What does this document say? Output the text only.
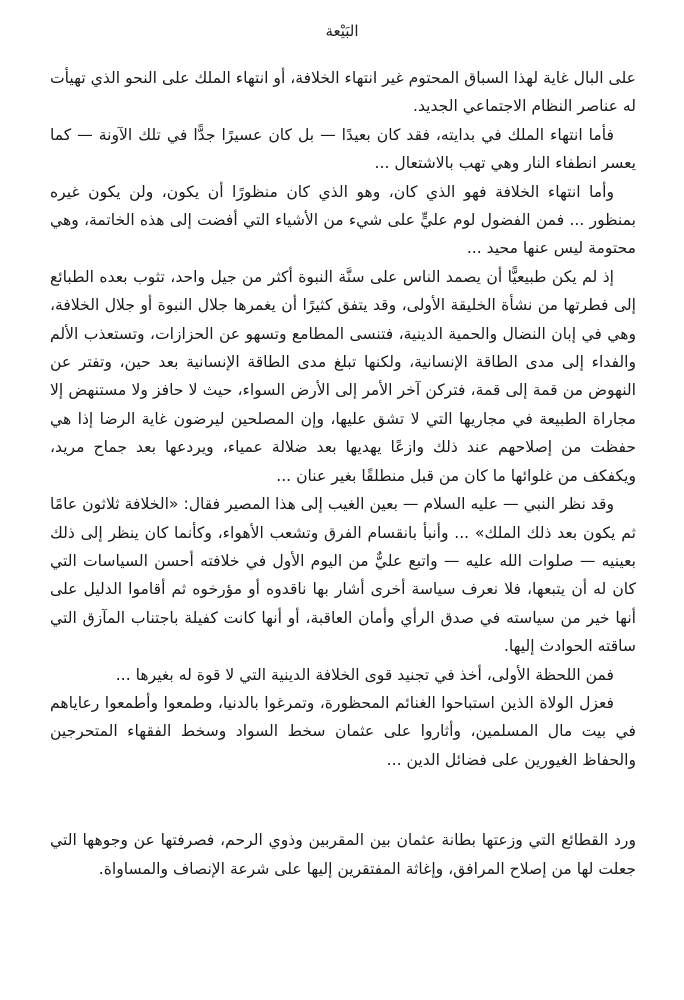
البَيْعة

على البال غاية لهذا السباق المحتوم غير انتهاء الخلافة، أو انتهاء الملك على النحو الذي تهيأت له عناصر النظام الاجتماعي الجديد.

فأما انتهاء الملك في بدايته، فقد كان بعيدًا — بل كان عسيرًا جدًّا في تلك الآونة — كما يعسر انطفاء النار وهي تهب بالاشتعال ...

وأما انتهاء الخلافة فهو الذي كان، وهو الذي كان منظورًا أن يكون، ولن يكون غيره بمنظور ... فمن الفضول لوم عليٍّ على شيء من الأشياء التي أفضت إلى هذه الخاتمة، وهي محتومة ليس عنها محيد ...

إذ لم يكن طبيعيًّا أن يصمد الناس على سنَّة النبوة أكثر من جيل واحد، تثوب بعده الطبائع إلى فطرتها من نشأة الخليقة الأولى، وقد يتفق كثيرًا أن يغمرها جلال النبوة أو جلال الخلافة، وهي في إبان النضال والحمية الدينية، فتنسى المطامع وتسهو عن الحزازات، وتستعذب الألم والفداء إلى مدى الطاقة الإنسانية، ولكنها تبلغ مدى الطاقة الإنسانية بعد حين، وتفتر عن النهوض من قمة إلى قمة، فتركن آخر الأمر إلى الأرض السواء، حيث لا حافز ولا مستنهض إلا مجاراة الطبيعة في مجاريها التي لا تشق عليها، وإن المصلحين ليرضون غاية الرضا إذا هي حفظت من إصلاحهم عند ذلك وازعًا يهديها بعد ضلالة عمياء، ويردعها بعد جماح مريد، ويكفكف من غلوائها ما كان من قبل منطلقًا بغير عنان ...

وقد نظر النبي — عليه السلام — بعين الغيب إلى هذا المصير فقال: «الخلافة ثلاثون عامًا ثم يكون بعد ذلك الملك» ... وأنبأ بانقسام الفرق وتشعب الأهواء، وكأنما كان ينظر إلى ذلك بعينيه — صلوات الله عليه — واتبع عليٌّ من اليوم الأول في خلافته أحسن السياسات التي كان له أن يتبعها، فلا نعرف سياسة أخرى أشار بها ناقدوه أو مؤرخوه ثم أقاموا الدليل على أنها خير من سياسته في صدق الرأي وأمان العاقبة، أو أنها كانت كفيلة باجتناب المآزق التي ساقته الحوادث إليها.

فمن اللحظة الأولى، أخذ في تجنيد قوى الخلافة الدينية التي لا قوة له بغيرها ...

فعزل الولاة الذين استباحوا الغنائم المحظورة، وتمرغوا بالدنيا، وطمعوا وأطمعوا رعاياهم في بيت مال المسلمين، وأثاروا على عثمان سخط السواد وسخط الفقهاء المتحرجين والحفاظ الغيورين على فضائل الدين ...

ورد القطائع التي وزعتها بطانة عثمان بين المقربين وذوي الرحم، فصرفتها عن وجوهها التي جعلت لها من إصلاح المرافق، وإغاثة المفتقرين إليها على شرعة الإنصاف والمساواة.
